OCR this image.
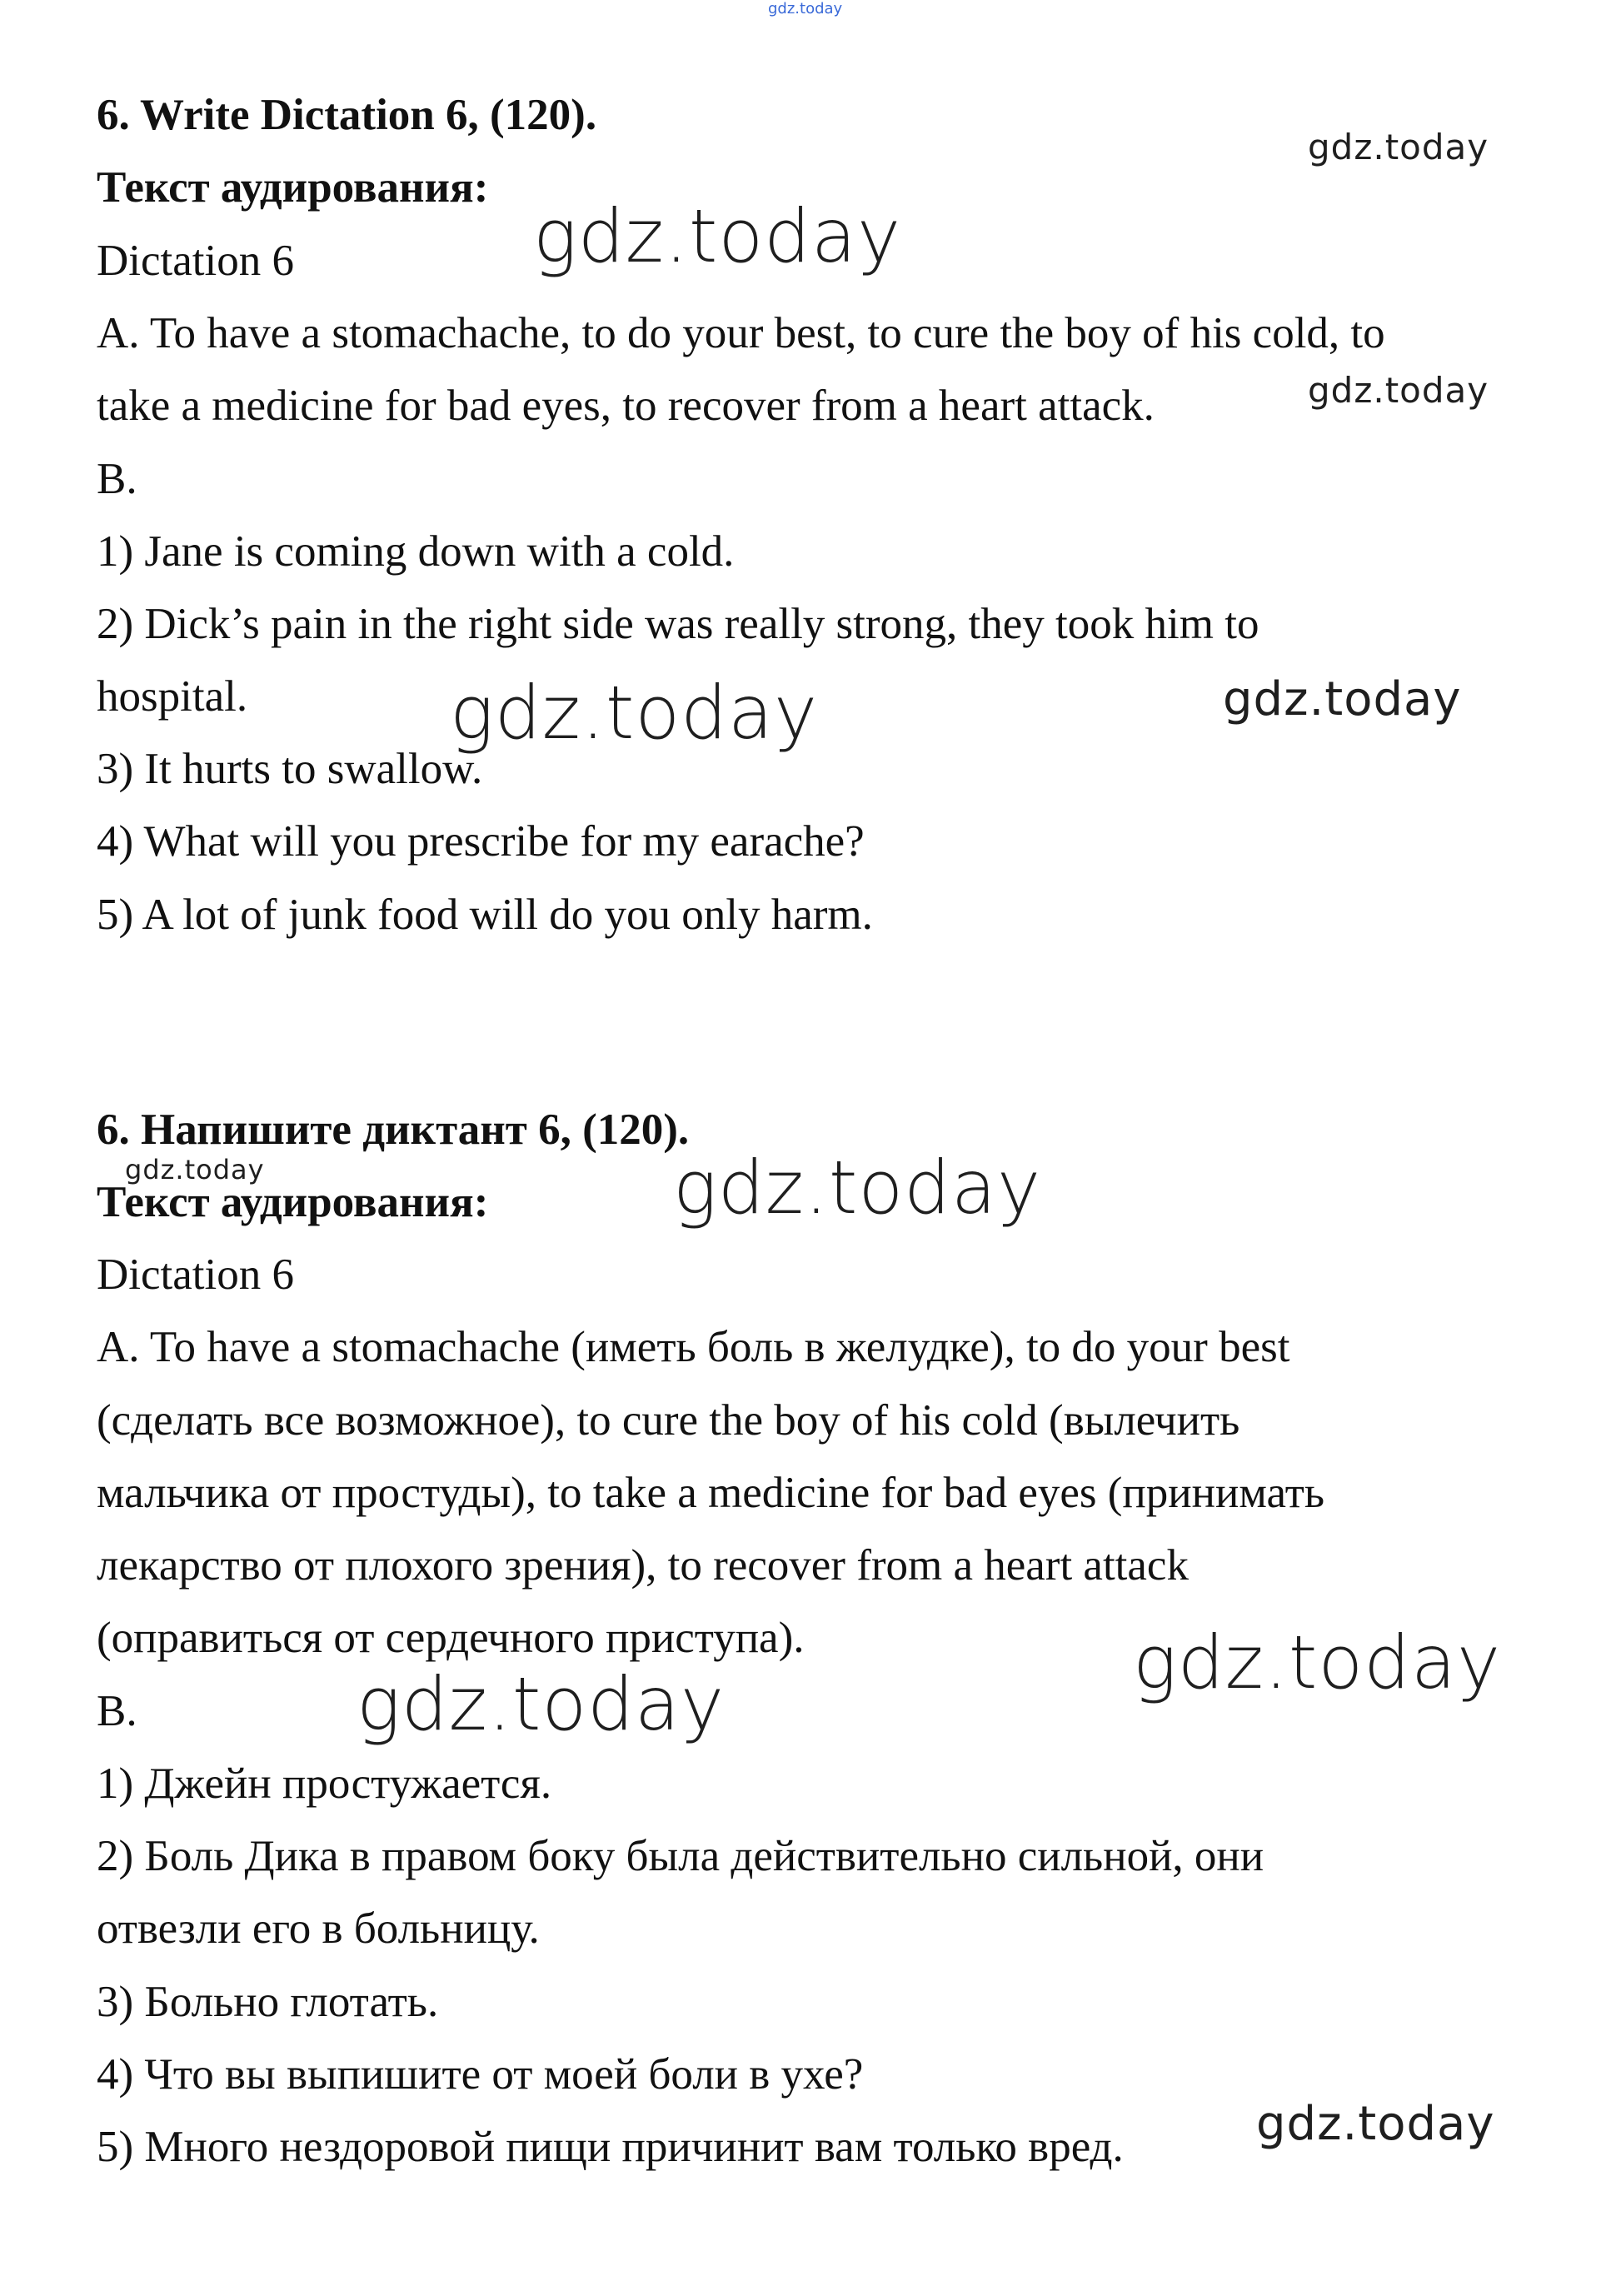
6. Write Dictation 6, (120).

Текст аудирования:

Dictation 6

A. To have a stomachache, to do your best, to cure the boy of his cold, to

take a medicine for bad eyes, to recover from a heart attack.

B.

1) Jane is coming down with a cold.

2) Dick’s pain in the right side was really strong, they took him to

hospital.

3) It hurts to swallow.

4) What will you prescribe for my earache?

5) A lot of junk food will do you only harm.

6. Напишите диктант 6, (120).

Текст аудирования:

Dictation 6

A. To have a stomachache (иметь боль в желудке), to do your best

(сделать все возможное), to cure the boy of his cold (вылечить

мальчика от простуды), to take a medicine for bad eyes (принимать

лекарство от плохого зрения), to recover from a heart attack

(оправиться от сердечного приступа).

B.

1) Джейн простужается.

2) Боль Дика в правом боку была действительно сильной, они

отвезли его в больницу.

3) Больно глотать.

4) Что вы выпишите от моей боли в ухе?

5) Много нездоровой пищи причинит вам только вред.

gdz.today
gdz.today
gdz.today
gdz.today
gdz.today	gdz.today
gdz.today	gdz.today
gdz.today
gdz.today
gdz.today
